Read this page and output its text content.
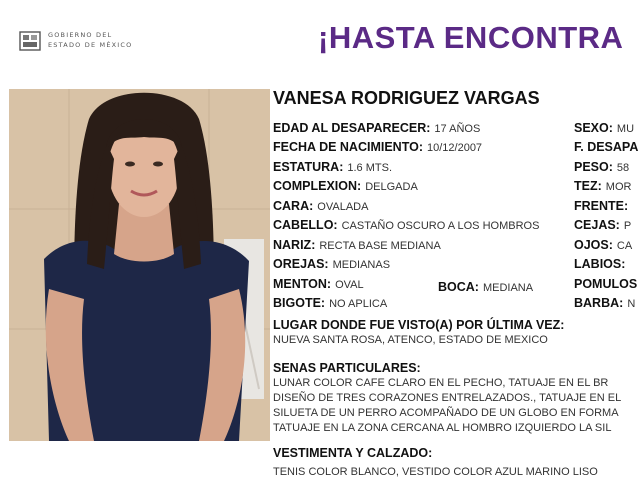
GOBIERNO DEL
ESTADO DE MÉXICO	¡HASTA ENCONTRA
VANESA RODRIGUEZ VARGAS
EDAD AL DESAPARECER: 17 AÑOS
FECHA DE NACIMIENTO: 10/12/2007
ESTATURA: 1.6 MTS.
COMPLEXION: DELGADA
CARA: OVALADA
CABELLO: CASTAÑO OSCURO A LOS HOMBROS
NARIZ: RECTA BASE MEDIANA
OREJAS: MEDIANAS
MENTON: OVAL	BOCA: MEDIANA
BIGOTE: NO APLICA
SEXO: MU
F. DESAPA
PESO: 58
TEZ: MOR
FRENTE:
CEJAS: P
OJOS: CA
LABIOS:
POMULOS
BARBA: N
LUGAR DONDE FUE VISTO(A) POR ÚLTIMA VEZ:
NUEVA SANTA ROSA, ATENCO, ESTADO DE MEXICO
SENAS PARTICULARES:
LUNAR COLOR CAFE CLARO EN EL PECHO, TATUAJE EN EL BR
DISEÑO DE TRES CORAZONES ENTRELAZADOS., TATUAJE EN EL
SILUETA DE UN PERRO ACOMPAÑADO DE UN GLOBO EN FORMA
TATUAJE EN LA ZONA CERCANA AL HOMBRO IZQUIERDO LA SIL
VESTIMENTA Y CALZADO:
TENIS COLOR BLANCO, VESTIDO COLOR AZUL MARINO LISO
